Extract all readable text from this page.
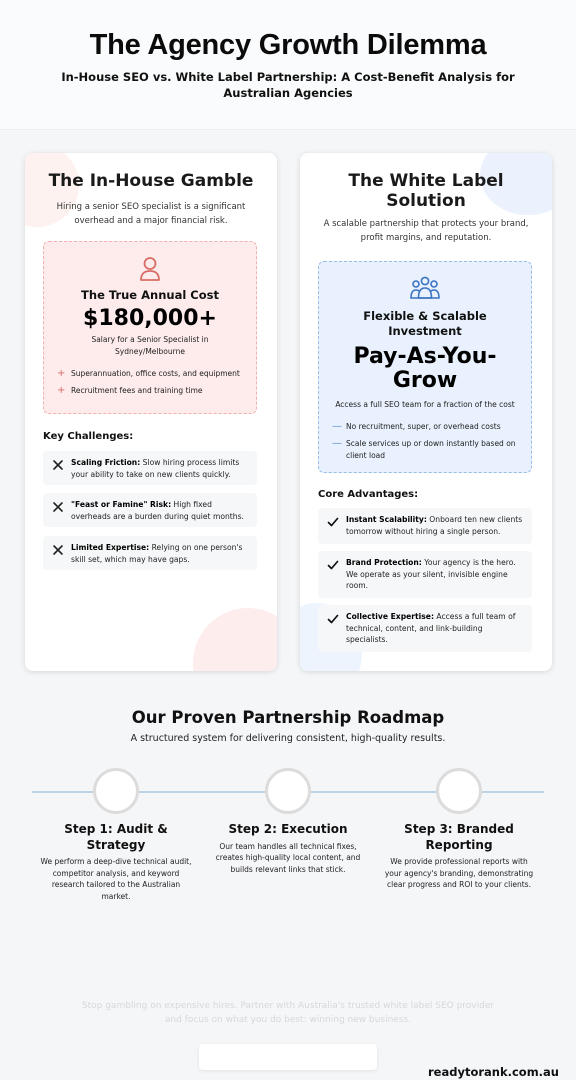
The Agency Growth Dilemma
In-House SEO vs. White Label Partnership: A Cost-Benefit Analysis for Australian Agencies
The In-House Gamble
Hiring a senior SEO specialist is a significant overhead and a major financial risk.
The True Annual Cost
$180,000+
Salary for a Senior Specialist in Sydney/Melbourne
+ Superannuation, office costs, and equipment
+ Recruitment fees and training time
Key Challenges:
Scaling Friction: Slow hiring process limits your ability to take on new clients quickly.
"Feast or Famine" Risk: High fixed overheads are a burden during quiet months.
Limited Expertise: Relying on one person's skill set, which may have gaps.
The White Label Solution
A scalable partnership that protects your brand, profit margins, and reputation.
Flexible & Scalable Investment
Pay-As-You-Grow
Access a full SEO team for a fraction of the cost
— No recruitment, super, or overhead costs
— Scale services up or down instantly based on client load
Core Advantages:
Instant Scalability: Onboard ten new clients tomorrow without hiring a single person.
Brand Protection: Your agency is the hero. We operate as your silent, invisible engine room.
Collective Expertise: Access a full team of technical, content, and link-building specialists.
Our Proven Partnership Roadmap
A structured system for delivering consistent, high-quality results.
Step 1: Audit & Strategy
We perform a deep-dive technical audit, competitor analysis, and keyword research tailored to the Australian market.
Step 2: Execution
Our team handles all technical fixes, creates high-quality local content, and builds relevant links that stick.
Step 3: Branded Reporting
We provide professional reports with your agency's branding, demonstrating clear progress and ROI to your clients.
Stop gambling on expensive hires. Partner with Australia's trusted white label SEO provider and focus on what you do best: winning new business.
readytorank.com.au
